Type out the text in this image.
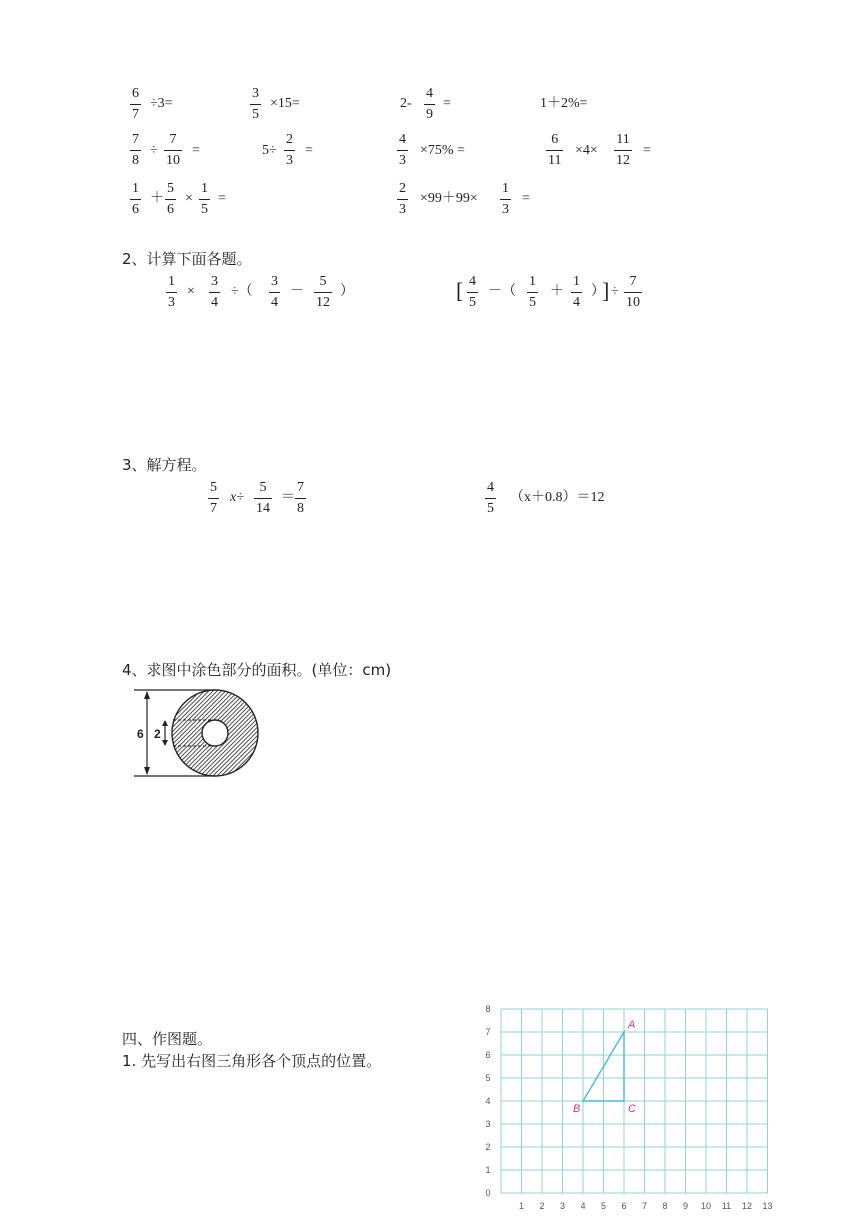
$\frac{6}{7} \div 3=$	$\frac{3}{5} \times 15=$	$2- \frac{4}{9}$ =	1＋2%=
$\frac{7}{8} \div \frac{7}{10}$ =	$5\div \frac{2}{3}$ =	$\frac{4}{3} \times 75\%$ =	$\frac{6}{11} \times 4\times \frac{11}{12}$ =
$\frac{1}{6} + \frac{5}{6} \times \frac{1}{5}$ =	$\frac{2}{3} \times 99+99\times \frac{1}{3}$ =
2、计算下面各题。
$\frac{1}{3} \times \frac{3}{4}$ ÷（ $\frac{3}{4} - \frac{5}{12}$ ）	[ $\frac{4}{5}$ －（ $\frac{1}{5} + \frac{1}{4}$ ）
] ÷ $\frac{7}{10}$
3、解方程。
$\frac{5}{7} x\div \frac{5}{14} = \frac{7}{8}$	$\frac{4}{5} (x+0.8)=12$
4、求图中涂色部分的面积。(单位：cm)
6 2
四、作图题。
1. 先写出右图三角形各个顶点的位置。
1 2 3 4 5 6 7 8 9 10 11 12 13
0
1
2
3
4
5
6
7
8
A
B	C
